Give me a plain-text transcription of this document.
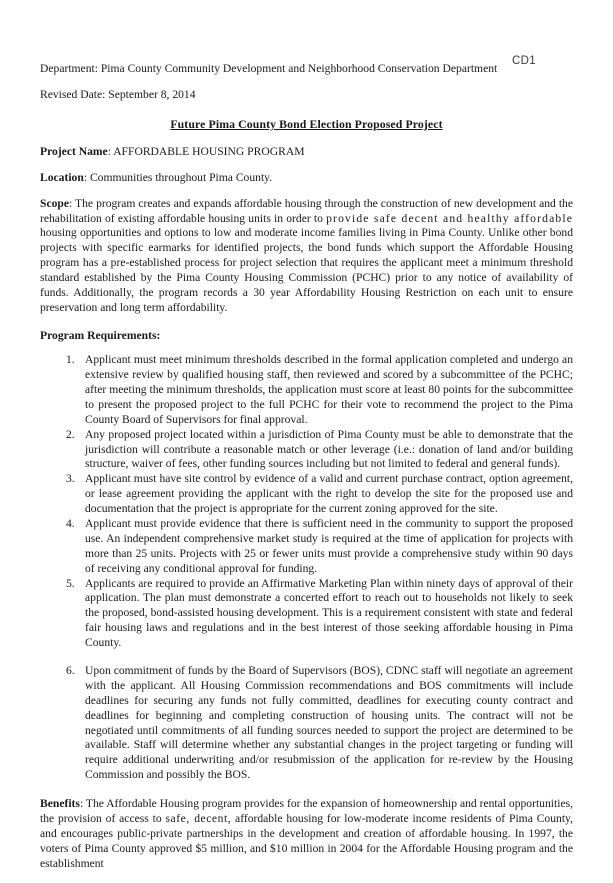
CD1

Department: Pima County Community Development and Neighborhood Conservation Department

Revised Date: September 8, 2014

Future Pima County Bond Election Proposed Project

Project Name: AFFORDABLE HOUSING PROGRAM

Location: Communities throughout Pima County.

Scope: The program creates and expands affordable housing through the construction of new development and the rehabilitation of existing affordable housing units in order to provide safe decent and healthy affordable housing opportunities and options to low and moderate income families living in Pima County. Unlike other bond projects with specific earmarks for identified projects, the bond funds which support the Affordable Housing program has a pre-established process for project selection that requires the applicant meet a minimum threshold standard established by the Pima County Housing Commission (PCHC) prior to any notice of availability of funds. Additionally, the program records a 30 year Affordability Housing Restriction on each unit to ensure preservation and long term affordability.

Program Requirements:

Applicant must meet minimum thresholds described in the formal application completed and undergo an extensive review by qualified housing staff, then reviewed and scored by a subcommittee of the PCHC; after meeting the minimum thresholds, the application must score at least 80 points for the subcommittee to present the proposed project to the full PCHC for their vote to recommend the project to the Pima County Board of Supervisors for final approval.
Any proposed project located within a jurisdiction of Pima County must be able to demonstrate that the jurisdiction will contribute a reasonable match or other leverage (i.e.: donation of land and/or building structure, waiver of fees, other funding sources including but not limited to federal and general funds).
Applicant must have site control by evidence of a valid and current purchase contract, option agreement, or lease agreement providing the applicant with the right to develop the site for the proposed use and documentation that the project is appropriate for the current zoning approved for the site.
Applicant must provide evidence that there is sufficient need in the community to support the proposed use. An independent comprehensive market study is required at the time of application for projects with more than 25 units. Projects with 25 or fewer units must provide a comprehensive study within 90 days of receiving any conditional approval for funding.
Applicants are required to provide an Affirmative Marketing Plan within ninety days of approval of their application. The plan must demonstrate a concerted effort to reach out to households not likely to seek the proposed, bond-assisted housing development. This is a requirement consistent with state and federal fair housing laws and regulations and in the best interest of those seeking affordable housing in Pima County.
Upon commitment of funds by the Board of Supervisors (BOS), CDNC staff will negotiate an agreement with the applicant. All Housing Commission recommendations and BOS commitments will include deadlines for securing any funds not fully committed, deadlines for executing county contract and deadlines for beginning and completing construction of housing units. The contract will not be negotiated until commitments of all funding sources needed to support the project are determined to be available. Staff will determine whether any substantial changes in the project targeting or funding will require additional underwriting and/or resubmission of the application for re-review by the Housing Commission and possibly the BOS.

Benefits: The Affordable Housing program provides for the expansion of homeownership and rental opportunities, the provision of access to safe, decent, affordable housing for low-moderate income residents of Pima County, and encourages public-private partnerships in the development and creation of affordable housing. In 1997, the voters of Pima County approved $5 million, and $10 million in 2004 for the Affordable Housing program and the establishment
